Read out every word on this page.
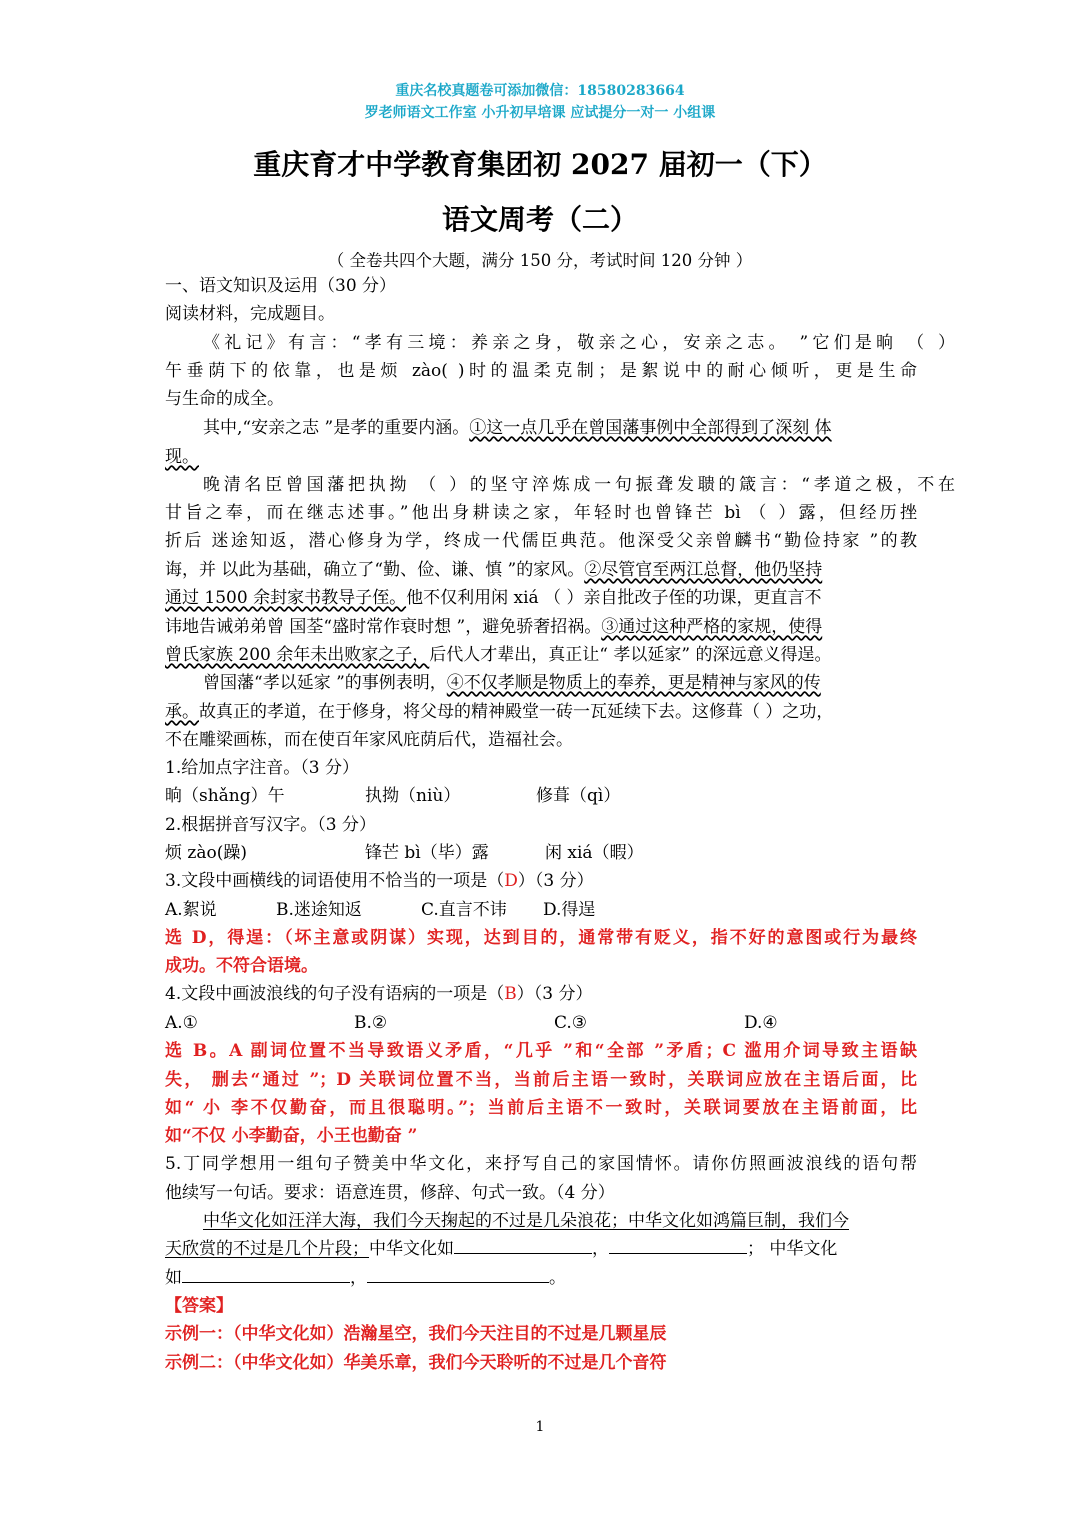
重庆名校真题卷可添加微信：18580283664
罗老师语文工作室 小升初早培课 应试提分一对一 小组课
重庆育才中学教育集团初 2027 届初一（下）
语文周考（二）
（ 全卷共四个大题，满分 150 分，考试时间 120 分钟 ）
一、语文知识及运用（30 分）
阅读材料，完成题目。
《礼记》有言：“孝有三境：养亲之身，敬亲之心，安亲之志。 ”它们是晌 （ ）
午垂荫下的依靠，也是烦 zào( )时的温柔克制；是絮说中的耐心倾听，更是生命
与生命的成全。
其中,“安亲之志 ”是孝的重要内涵。①这一点几乎在曾国藩事例中全部得到了深刻 体
现。
晚清名臣曾国藩把执拗 （ ）的坚守淬炼成一句振聋发聩的箴言：“孝道之极，不在
甘旨之奉，而在继志述事。”他出身耕读之家，年轻时也曾锋芒 bì （ ）露，但经历挫
折后 迷途知返，潜心修身为学，终成一代儒臣典范。他深受父亲曾麟书“勤俭持家 ”的教
诲，并 以此为基础，确立了“勤、俭、谦、慎 ”的家风。②尽管官至两江总督，他仍坚持
通过 1500 余封家书教导子侄。他不仅利用闲 xiá （ ）亲自批改子侄的功课，更直言不
讳地告诫弟弟曾 国荃“盛时常作衰时想 ”，避免骄奢招祸。③通过这种严格的家规，使得
曾氏家族 200 余年未出败家之子，后代人才辈出，真正让“ 孝以延家” 的深远意义得逞。
曾国藩“孝以延家 ”的事例表明，④不仅孝顺是物质上的奉养，更是精神与家风的传
承。故真正的孝道，在于修身，将父母的精神殿堂一砖一瓦延续下去。这修葺（ ）之功，
不在雕梁画栋，而在使百年家风庇荫后代，造福社会。
1.给加点字注音。（3 分）
晌（shǎng）午	执拗（niù）	修葺（qì）
2.根据拼音写汉字。（3 分）
烦 zào(躁)	锋芒 bì（毕）露	闲 xiá（暇）
3.文段中画横线的词语使用不恰当的一项是（D）（3 分）
A.絮说	B.迷途知返	C.直言不讳 D.得逞
选 D，得逞：（坏主意或阴谋）实现，达到目的，通常带有贬义，指不好的意图或行为最终
成功。不符合语境。
4.文段中画波浪线的句子没有语病的一项是（B）（3 分）
A.①	B.②	C.③	D.④
选 B。A 副词位置不当导致语义矛盾，“几乎 ”和“全部 ”矛盾；C 滥用介词导致主语缺
失， 删去“通过 ”；D 关联词位置不当，当前后主语一致时，关联词应放在主语后面，比
如“ 小 李不仅勤奋，而且很聪明。”；当前后主语不一致时，关联词要放在主语前面，比
如“不仅 小李勤奋，小王也勤奋 ”
5.丁同学想用一组句子赞美中华文化，来抒写自己的家国情怀。请你仿照画波浪线的语句帮
他续写一句话。要求：语意连贯，修辞、句式一致。（4 分）
中华文化如汪洋大海，我们今天掬起的不过是几朵浪花；中华文化如鸿篇巨制，我们今
天欣赏的不过是几个片段；中华文化如	，	； 中华文化
如	，	。
【答案】
示例一：（中华文化如）浩瀚星空，我们今天注目的不过是几颗星辰
示例二：（中华文化如）华美乐章，我们今天聆听的不过是几个音符
1
